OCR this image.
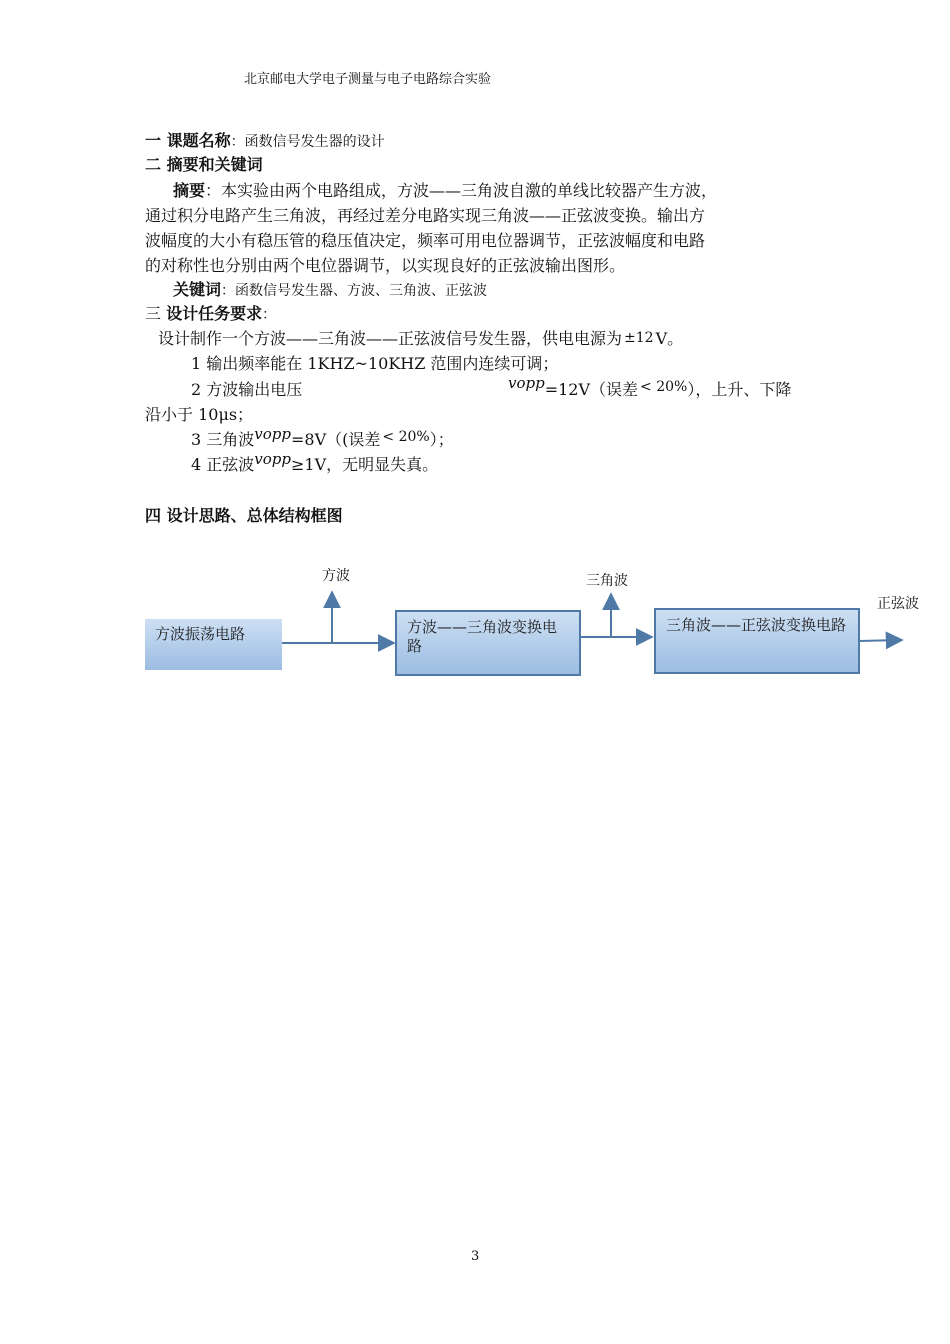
北京邮电大学电子测量与电子电路综合实验
一 课题名称：函数信号发生器的设计
二 摘要和关键词
摘要：本实验由两个电路组成，方波——三角波自激的单线比较器产生方波，
通过积分电路产生三角波，再经过差分电路实现三角波——正弦波变换。输出方
波幅度的大小有稳压管的稳压值决定，频率可用电位器调节，正弦波幅度和电路
的对称性也分别由两个电位器调节，以实现良好的正弦波输出图形。
关键词：函数信号发生器、方波、三角波、正弦波
三 设计任务要求：
设计制作一个方波——三角波——正弦波信号发生器，供电电源为 ±12 V。
1 输出频率能在 1KHZ~10KHZ 范围内连续可调；
2 方波输出电压	vopp=12V（误差 < 20%），上升、下降
沿小于 10μs；
3 三角波vopp=8V（(误差 < 20%）；
4 正弦波vopp≥1V，无明显失真。
四 设计思路、总体结构框图
方波振荡电路	方波——三角波变换电路
三角波——正弦波变换电路
方波	三角波
正弦波
3
